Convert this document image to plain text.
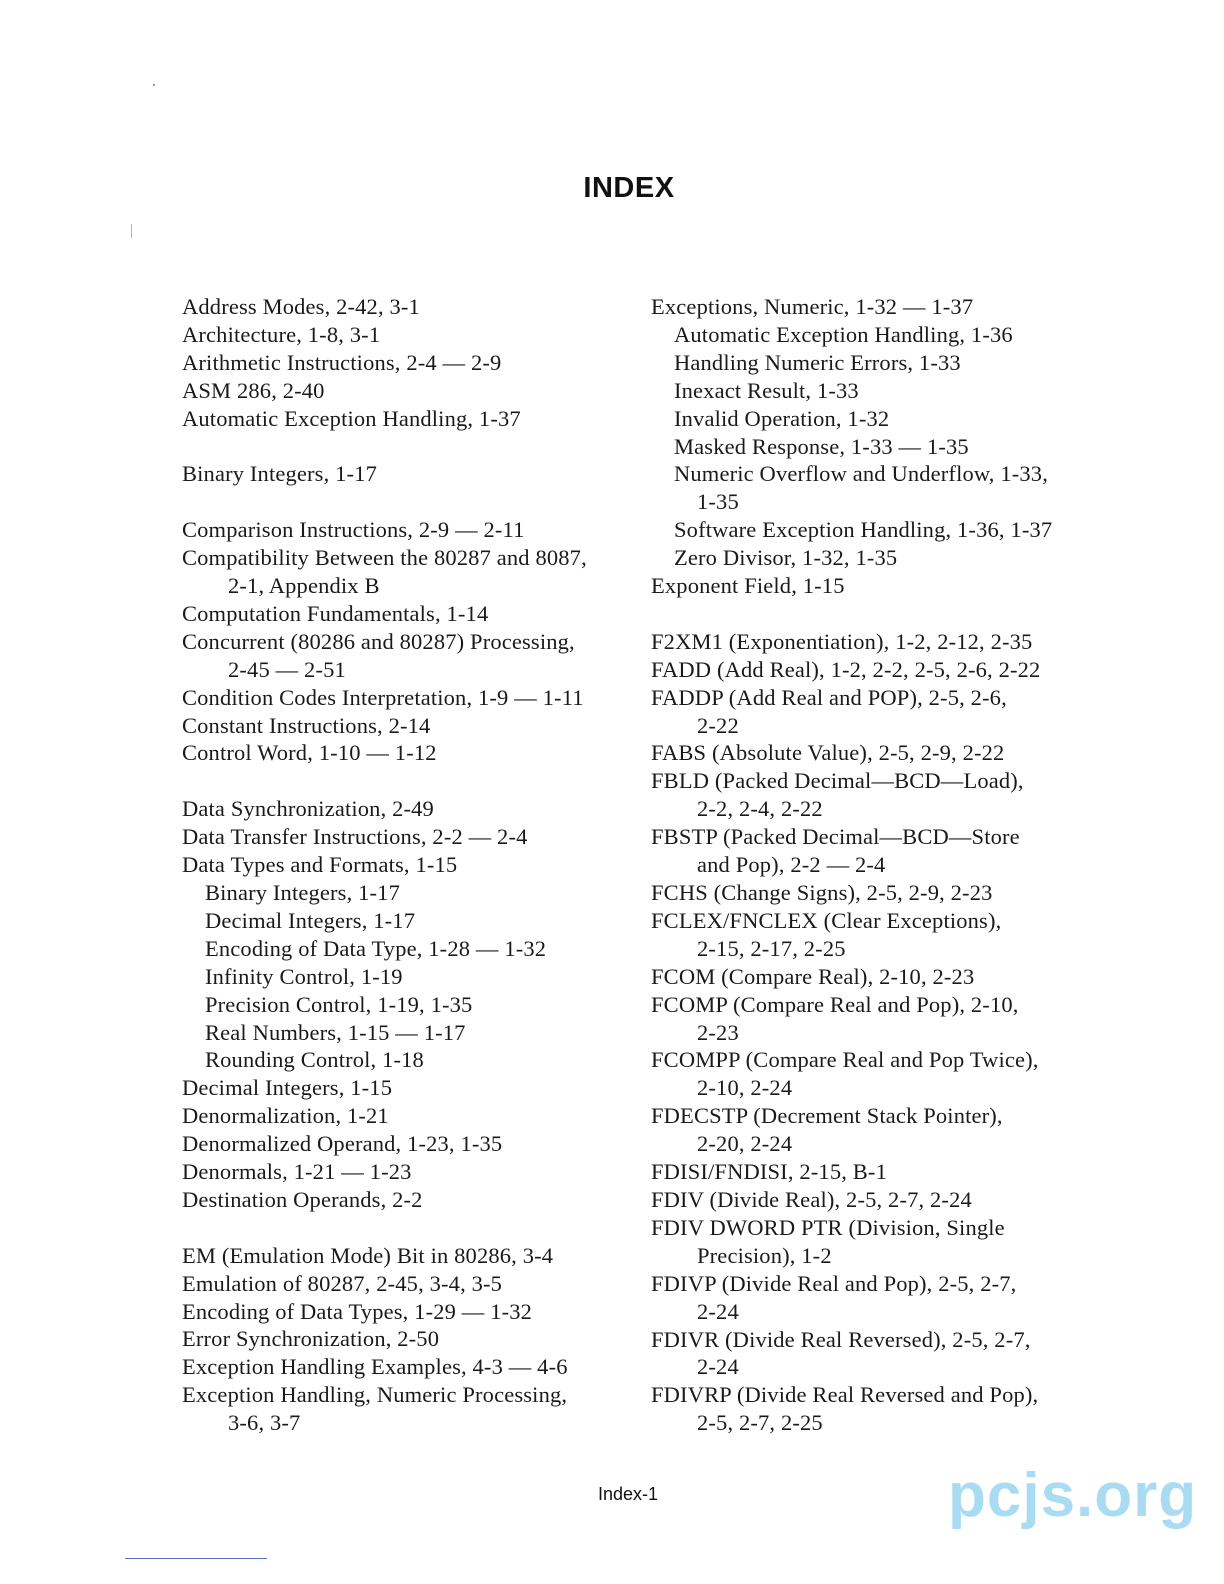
INDEX
Address Modes, 2-42, 3-1
Architecture, 1-8, 3-1
Arithmetic Instructions, 2-4 — 2-9
ASM 286, 2-40
Automatic Exception Handling, 1-37
Binary Integers, 1-17
Comparison Instructions, 2-9 — 2-11
Compatibility Between the 80287 and 8087,
2-1, Appendix B
Computation Fundamentals, 1-14
Concurrent (80286 and 80287) Processing,
2-45 — 2-51
Condition Codes Interpretation, 1-9 — 1-11
Constant Instructions, 2-14
Control Word, 1-10 — 1-12
Data Synchronization, 2-49
Data Transfer Instructions, 2-2 — 2-4
Data Types and Formats, 1-15
Binary Integers, 1-17
Decimal Integers, 1-17
Encoding of Data Type, 1-28 — 1-32
Infinity Control, 1-19
Precision Control, 1-19, 1-35
Real Numbers, 1-15 — 1-17
Rounding Control, 1-18
Decimal Integers, 1-15
Denormalization, 1-21
Denormalized Operand, 1-23, 1-35
Denormals, 1-21 — 1-23
Destination Operands, 2-2
EM (Emulation Mode) Bit in 80286, 3-4
Emulation of 80287, 2-45, 3-4, 3-5
Encoding of Data Types, 1-29 — 1-32
Error Synchronization, 2-50
Exception Handling Examples, 4-3 — 4-6
Exception Handling, Numeric Processing,
3-6, 3-7
Exceptions, Numeric, 1-32 — 1-37
Automatic Exception Handling, 1-36
Handling Numeric Errors, 1-33
Inexact Result, 1-33
Invalid Operation, 1-32
Masked Response, 1-33 — 1-35
Numeric Overflow and Underflow, 1-33,
1-35
Software Exception Handling, 1-36, 1-37
Zero Divisor, 1-32, 1-35
Exponent Field, 1-15
F2XM1 (Exponentiation), 1-2, 2-12, 2-35
FADD (Add Real), 1-2, 2-2, 2-5, 2-6, 2-22
FADDP (Add Real and POP), 2-5, 2-6,
2-22
FABS (Absolute Value), 2-5, 2-9, 2-22
FBLD (Packed Decimal—BCD—Load),
2-2, 2-4, 2-22
FBSTP (Packed Decimal—BCD—Store
and Pop), 2-2 — 2-4
FCHS (Change Signs), 2-5, 2-9, 2-23
FCLEX/FNCLEX (Clear Exceptions),
2-15, 2-17, 2-25
FCOM (Compare Real), 2-10, 2-23
FCOMP (Compare Real and Pop), 2-10,
2-23
FCOMPP (Compare Real and Pop Twice),
2-10, 2-24
FDECSTP (Decrement Stack Pointer),
2-20, 2-24
FDISI/FNDISI, 2-15, B-1
FDIV (Divide Real), 2-5, 2-7, 2-24
FDIV DWORD PTR (Division, Single
Precision), 1-2
FDIVP (Divide Real and Pop), 2-5, 2-7,
2-24
FDIVR (Divide Real Reversed), 2-5, 2-7,
2-24
FDIVRP (Divide Real Reversed and Pop),
2-5, 2-7, 2-25
Index-1	pcjs.org
